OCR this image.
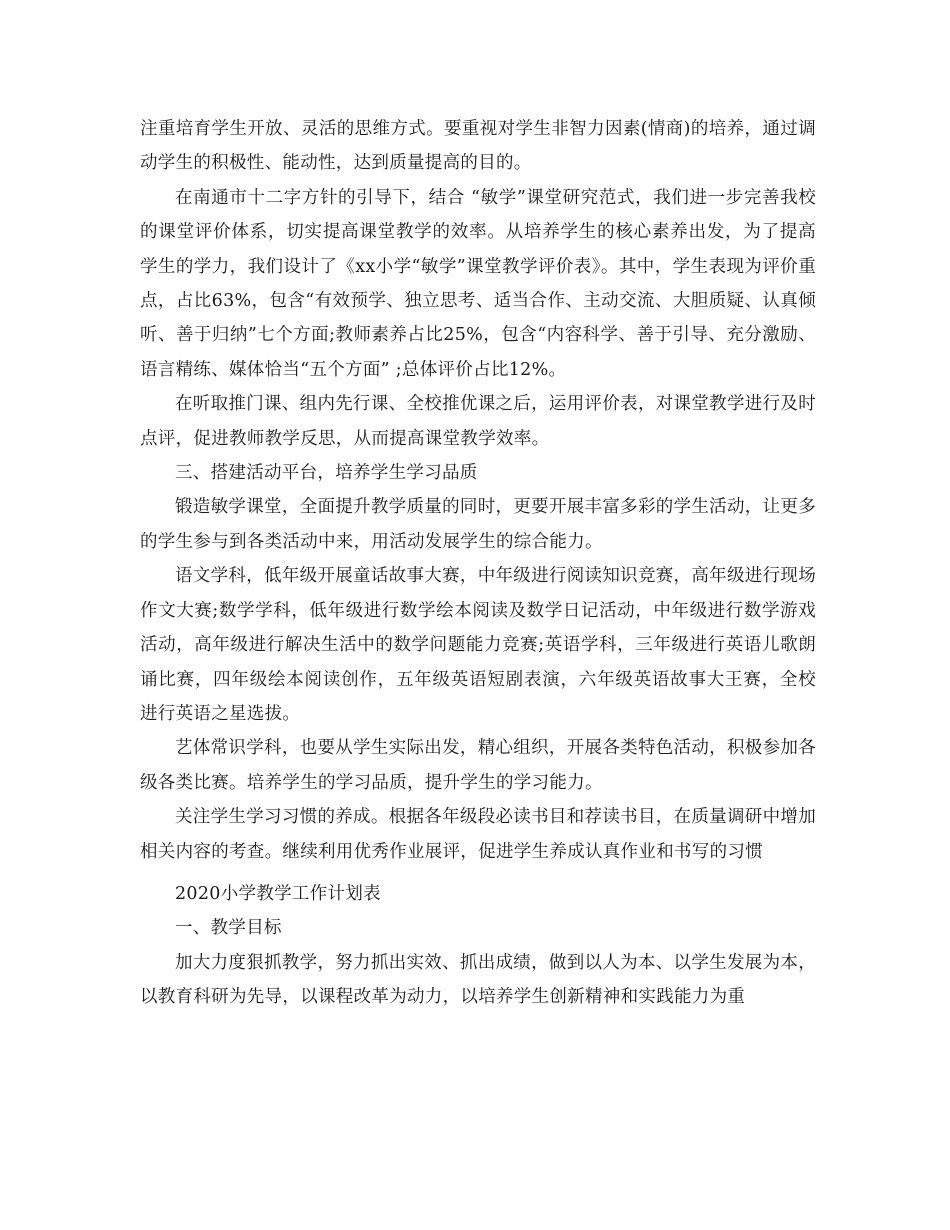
注重培育学生开放、灵活的思维方式。要重视对学生非智力因素(情商)的培养，通过调动学生的积极性、能动性，达到质量提高的目的。

在南通市十二字方针的引导下，结合 “敏学”课堂研究范式，我们进一步完善我校的课堂评价体系，切实提高课堂教学的效率。从培养学生的核心素养出发，为了提高学生的学力，我们设计了《xx小学“敏学”课堂教学评价表》。其中，学生表现为评价重点，占比63%，包含“有效预学、独立思考、适当合作、主动交流、大胆质疑、认真倾听、善于归纳”七个方面;教师素养占比25%，包含“内容科学、善于引导、充分激励、语言精练、媒体恰当“五个方面” ;总体评价占比12%。

在听取推门课、组内先行课、全校推优课之后，运用评价表，对课堂教学进行及时点评，促进教师教学反思，从而提高课堂教学效率。

三、搭建活动平台，培养学生学习品质

锻造敏学课堂，全面提升教学质量的同时，更要开展丰富多彩的学生活动，让更多的学生参与到各类活动中来，用活动发展学生的综合能力。

语文学科，低年级开展童话故事大赛，中年级进行阅读知识竞赛，高年级进行现场作文大赛;数学学科，低年级进行数学绘本阅读及数学日记活动，中年级进行数学游戏活动，高年级进行解决生活中的数学问题能力竞赛;英语学科，三年级进行英语儿歌朗诵比赛，四年级绘本阅读创作，五年级英语短剧表演，六年级英语故事大王赛，全校进行英语之星选拔。

艺体常识学科，也要从学生实际出发，精心组织，开展各类特色活动，积极参加各级各类比赛。培养学生的学习品质，提升学生的学习能力。

关注学生学习习惯的养成。根据各年级段必读书目和荐读书目，在质量调研中增加相关内容的考查。继续利用优秀作业展评，促进学生养成认真作业和书写的习惯

2020小学教学工作计划表

一、教学目标

加大力度狠抓教学，努力抓出实效、抓出成绩，做到以人为本、以学生发展为本，以教育科研为先导，以课程改革为动力，以培养学生创新精神和实践能力为重
